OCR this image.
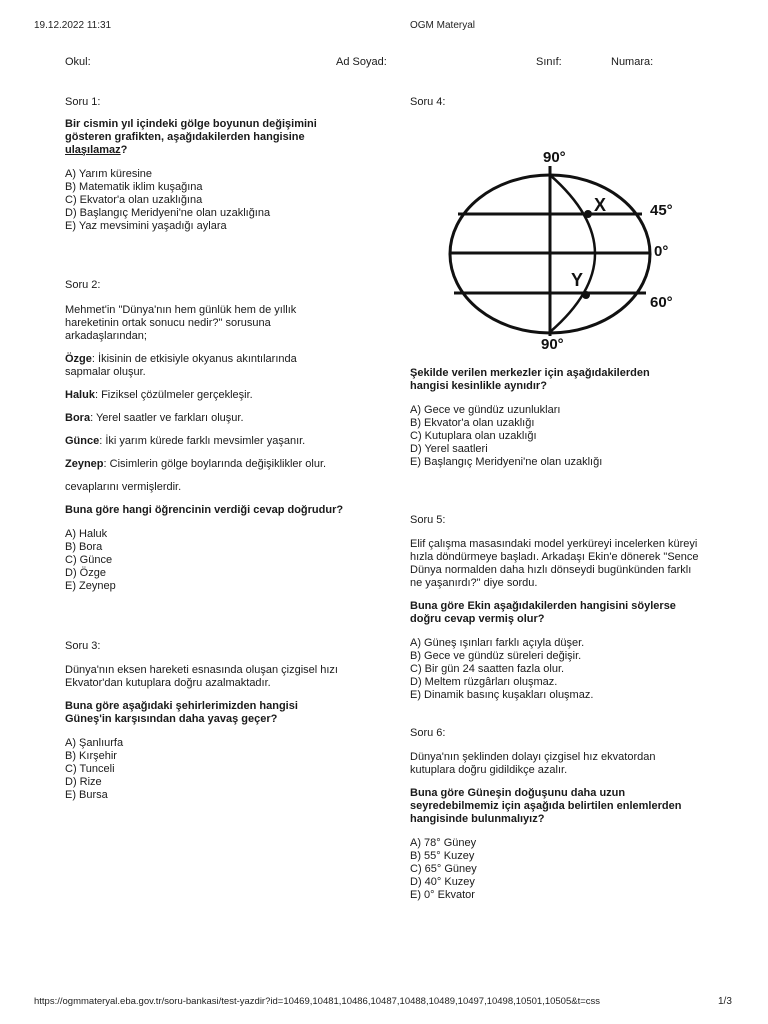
19.12.2022 11:31	OGM Materyal
Okul:	Ad Soyad:	Sınıf:	Numara:

Soru 1:

Bir cismin yıl içindeki gölge boyunun değişimini gösteren grafikten, aşağıdakilerden hangisine ulaşılamaz?

A) Yarım küresine
B) Matematik iklim kuşağına
C) Ekvator'a olan uzaklığına
D) Başlangıç Meridyeni'ne olan uzaklığına
E) Yaz mevsimini yaşadığı aylara

Soru 2:

Mehmet'in "Dünya'nın hem günlük hem de yıllık hareketinin ortak sonucu nedir?" sorusuna arkadaşlarından;

Özge: İkisinin de etkisiyle okyanus akıntılarında sapmalar oluşur.

Haluk: Fiziksel çözülmeler gerçekleşir.

Bora: Yerel saatler ve farkları oluşur.

Günce: İki yarım kürede farklı mevsimler yaşanır.

Zeynep: Cisimlerin gölge boylarında değişiklikler olur.

cevaplarını vermişlerdir.

Buna göre hangi öğrencinin verdiği cevap doğrudur?

A) Haluk
B) Bora
C) Günce
D) Özge
E) Zeynep

Soru 3:

Dünya'nın eksen hareketi esnasında oluşan çizgisel hızı Ekvator'dan kutuplara doğru azalmaktadır.

Buna göre aşağıdaki şehirlerimizden hangisi Güneş'in karşısından daha yavaş geçer?

A) Şanlıurfa
B) Kırşehir
C) Tunceli
D) Rize
E) Bursa

Soru 4:

90°
90°
45°
0°
60°
X
Y

Şekilde verilen merkezler için aşağıdakilerden hangisi kesinlikle aynıdır?

A) Gece ve gündüz uzunlukları
B) Ekvator'a olan uzaklığı
C) Kutuplara olan uzaklığı
D) Yerel saatleri
E) Başlangıç Meridyeni'ne olan uzaklığı

Soru 5:

Elif çalışma masasındaki model yerküreyi incelerken küreyi hızla döndürmeye başladı. Arkadaşı Ekin'e dönerek "Sence Dünya normalden daha hızlı dönseydi bugünkünden farklı ne yaşanırdı?" diye sordu.

Buna göre Ekin aşağıdakilerden hangisini söylerse doğru cevap vermiş olur?

A) Güneş ışınları farklı açıyla düşer.
B) Gece ve gündüz süreleri değişir.
C) Bir gün 24 saatten fazla olur.
D) Meltem rüzgârları oluşmaz.
E) Dinamik basınç kuşakları oluşmaz.

Soru 6:

Dünya'nın şeklinden dolayı çizgisel hız ekvatordan kutuplara doğru gidildikçe azalır.

Buna göre Güneşin doğuşunu daha uzun seyredebilmemiz için aşağıda belirtilen enlemlerden hangisinde bulunmalıyız?

A) 78° Güney
B) 55° Kuzey
C) 65° Güney
D) 40° Kuzey
E) 0° Ekvator
https://ogmmateryal.eba.gov.tr/soru-bankasi/test-yazdir?id=10469,10481,10486,10487,10488,10489,10497,10498,10501,10505&t=css	1/3
